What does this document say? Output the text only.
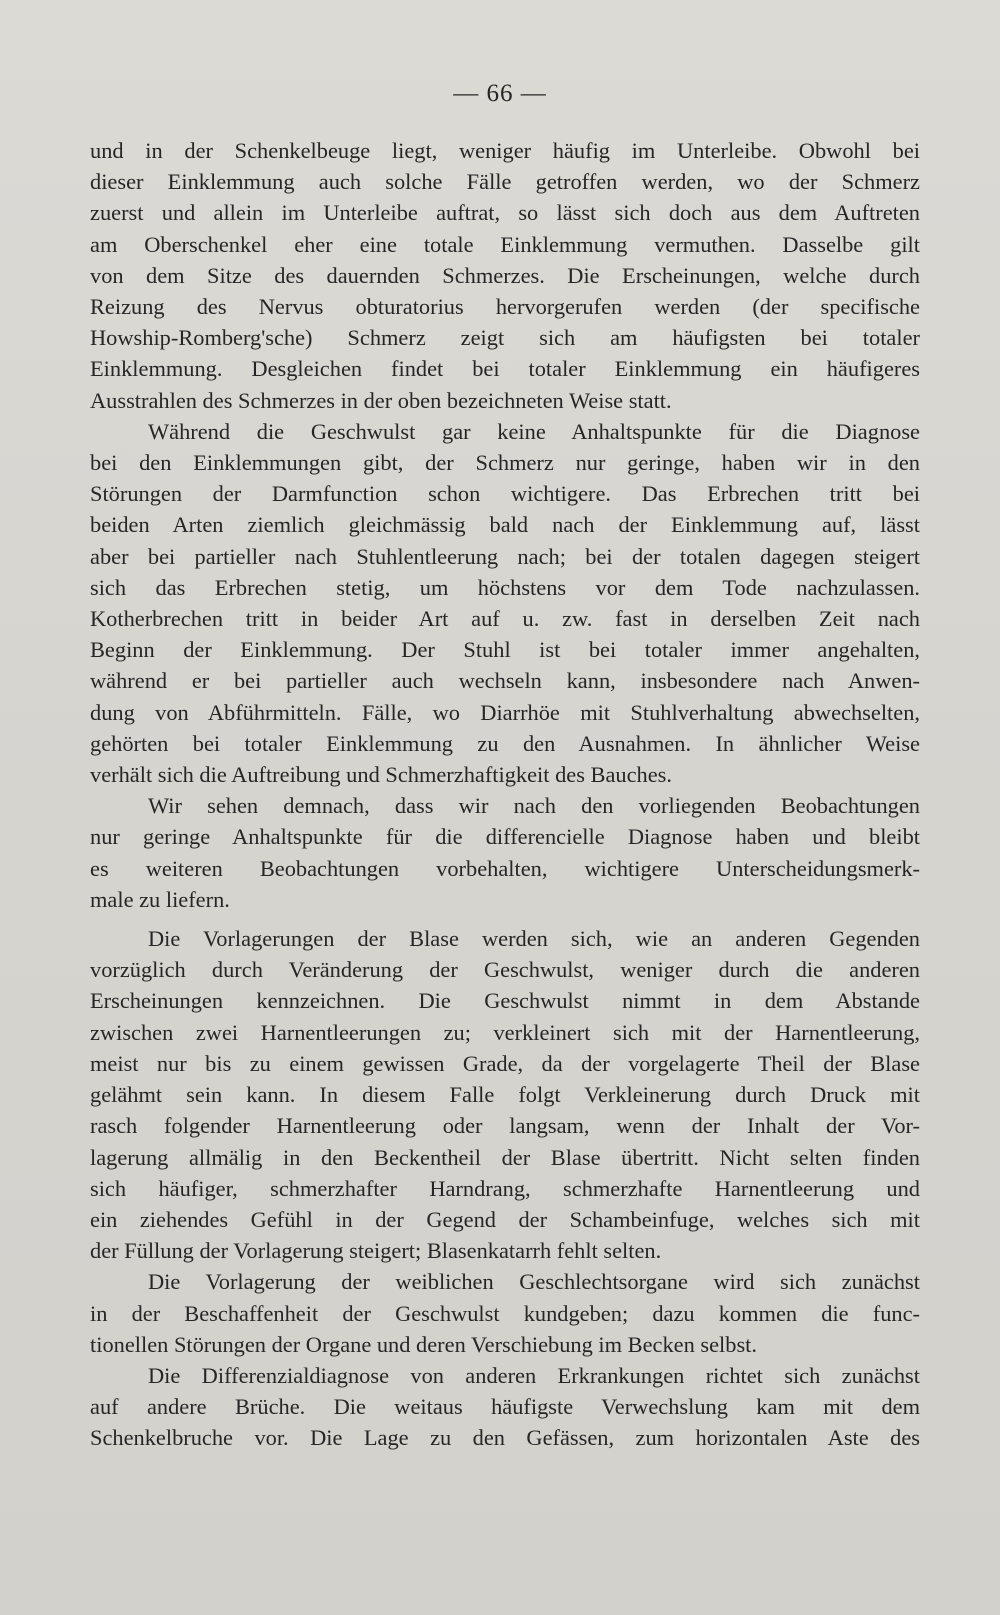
— 66 —

und in der Schenkelbeuge liegt, weniger häufig im Unterleibe. Obwohl bei
dieser Einklemmung auch solche Fälle getroffen werden, wo der Schmerz
zuerst und allein im Unterleibe auftrat, so lässt sich doch aus dem Auftreten
am Oberschenkel eher eine totale Einklemmung vermuthen. Dasselbe gilt
von dem Sitze des dauernden Schmerzes. Die Erscheinungen, welche durch
Reizung des Nervus obturatorius hervorgerufen werden (der specifische
Howship-Romberg'sche) Schmerz zeigt sich am häufigsten bei totaler
Einklemmung. Desgleichen findet bei totaler Einklemmung ein häufigeres
Ausstrahlen des Schmerzes in der oben bezeichneten Weise statt.

Während die Geschwulst gar keine Anhaltspunkte für die Diagnose
bei den Einklemmungen gibt, der Schmerz nur geringe, haben wir in den
Störungen der Darmfunction schon wichtigere. Das Erbrechen tritt bei
beiden Arten ziemlich gleichmässig bald nach der Einklemmung auf, lässt
aber bei partieller nach Stuhlentleerung nach; bei der totalen dagegen steigert
sich das Erbrechen stetig, um höchstens vor dem Tode nachzulassen.
Kotherbrechen tritt in beider Art auf u. zw. fast in derselben Zeit nach
Beginn der Einklemmung. Der Stuhl ist bei totaler immer angehalten,
während er bei partieller auch wechseln kann, insbesondere nach Anwen-
dung von Abführmitteln. Fälle, wo Diarrhöe mit Stuhlverhaltung abwechselten,
gehörten bei totaler Einklemmung zu den Ausnahmen. In ähnlicher Weise
verhält sich die Auftreibung und Schmerzhaftigkeit des Bauches.

Wir sehen demnach, dass wir nach den vorliegenden Beobachtungen
nur geringe Anhaltspunkte für die differencielle Diagnose haben und bleibt
es weiteren Beobachtungen vorbehalten, wichtigere Unterscheidungsmerk-
male zu liefern.

Die Vorlagerungen der Blase werden sich, wie an anderen Gegenden
vorzüglich durch Veränderung der Geschwulst, weniger durch die anderen
Erscheinungen kennzeichnen. Die Geschwulst nimmt in dem Abstande
zwischen zwei Harnentleerungen zu; verkleinert sich mit der Harnentleerung,
meist nur bis zu einem gewissen Grade, da der vorgelagerte Theil der Blase
gelähmt sein kann. In diesem Falle folgt Verkleinerung durch Druck mit
rasch folgender Harnentleerung oder langsam, wenn der Inhalt der Vor-
lagerung allmälig in den Beckentheil der Blase übertritt. Nicht selten finden
sich häufiger, schmerzhafter Harndrang, schmerzhafte Harnentleerung und
ein ziehendes Gefühl in der Gegend der Schambeinfuge, welches sich mit
der Füllung der Vorlagerung steigert; Blasenkatarrh fehlt selten.

Die Vorlagerung der weiblichen Geschlechtsorgane wird sich zunächst
in der Beschaffenheit der Geschwulst kundgeben; dazu kommen die func-
tionellen Störungen der Organe und deren Verschiebung im Becken selbst.

Die Differenzialdiagnose von anderen Erkrankungen richtet sich zunächst
auf andere Brüche. Die weitaus häufigste Verwechslung kam mit dem
Schenkelbruche vor. Die Lage zu den Gefässen, zum horizontalen Aste des
